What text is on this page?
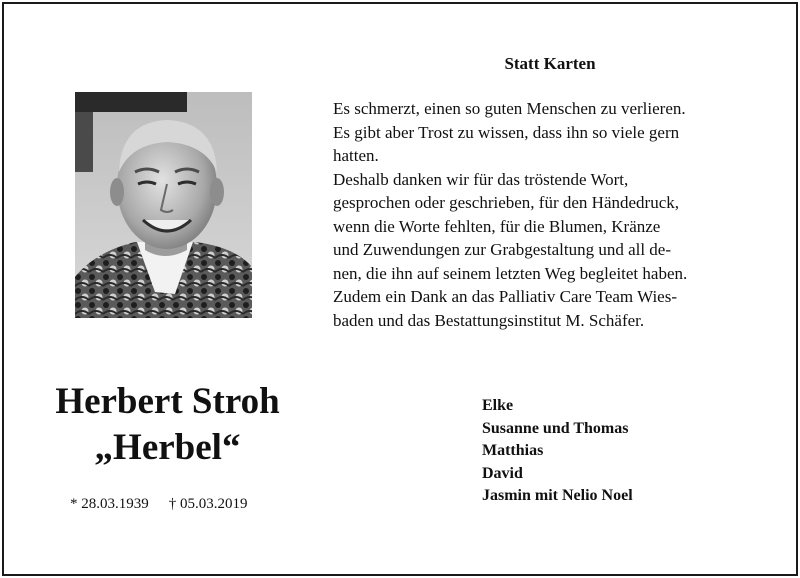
Statt Karten
Es schmerzt, einen so guten Menschen zu verlieren.
Es gibt aber Trost zu wissen, dass ihn so viele gern
hatten.
Deshalb danken wir für das tröstende Wort,
gesprochen oder geschrieben, für den Händedruck,
wenn die Worte fehlten, für die Blumen, Kränze
und Zuwendungen zur Grabgestaltung und all de-
nen, die ihn auf seinem letzten Weg begleitet haben.
Zudem ein Dank an das Palliativ Care Team Wies-
baden und das Bestattungsinstitut M. Schäfer.
Herbert Stroh
„Herbel“
* 28.03.1939 † 05.03.2019
Elke
Susanne und Thomas
Matthias
David
Jasmin mit Nelio Noel
